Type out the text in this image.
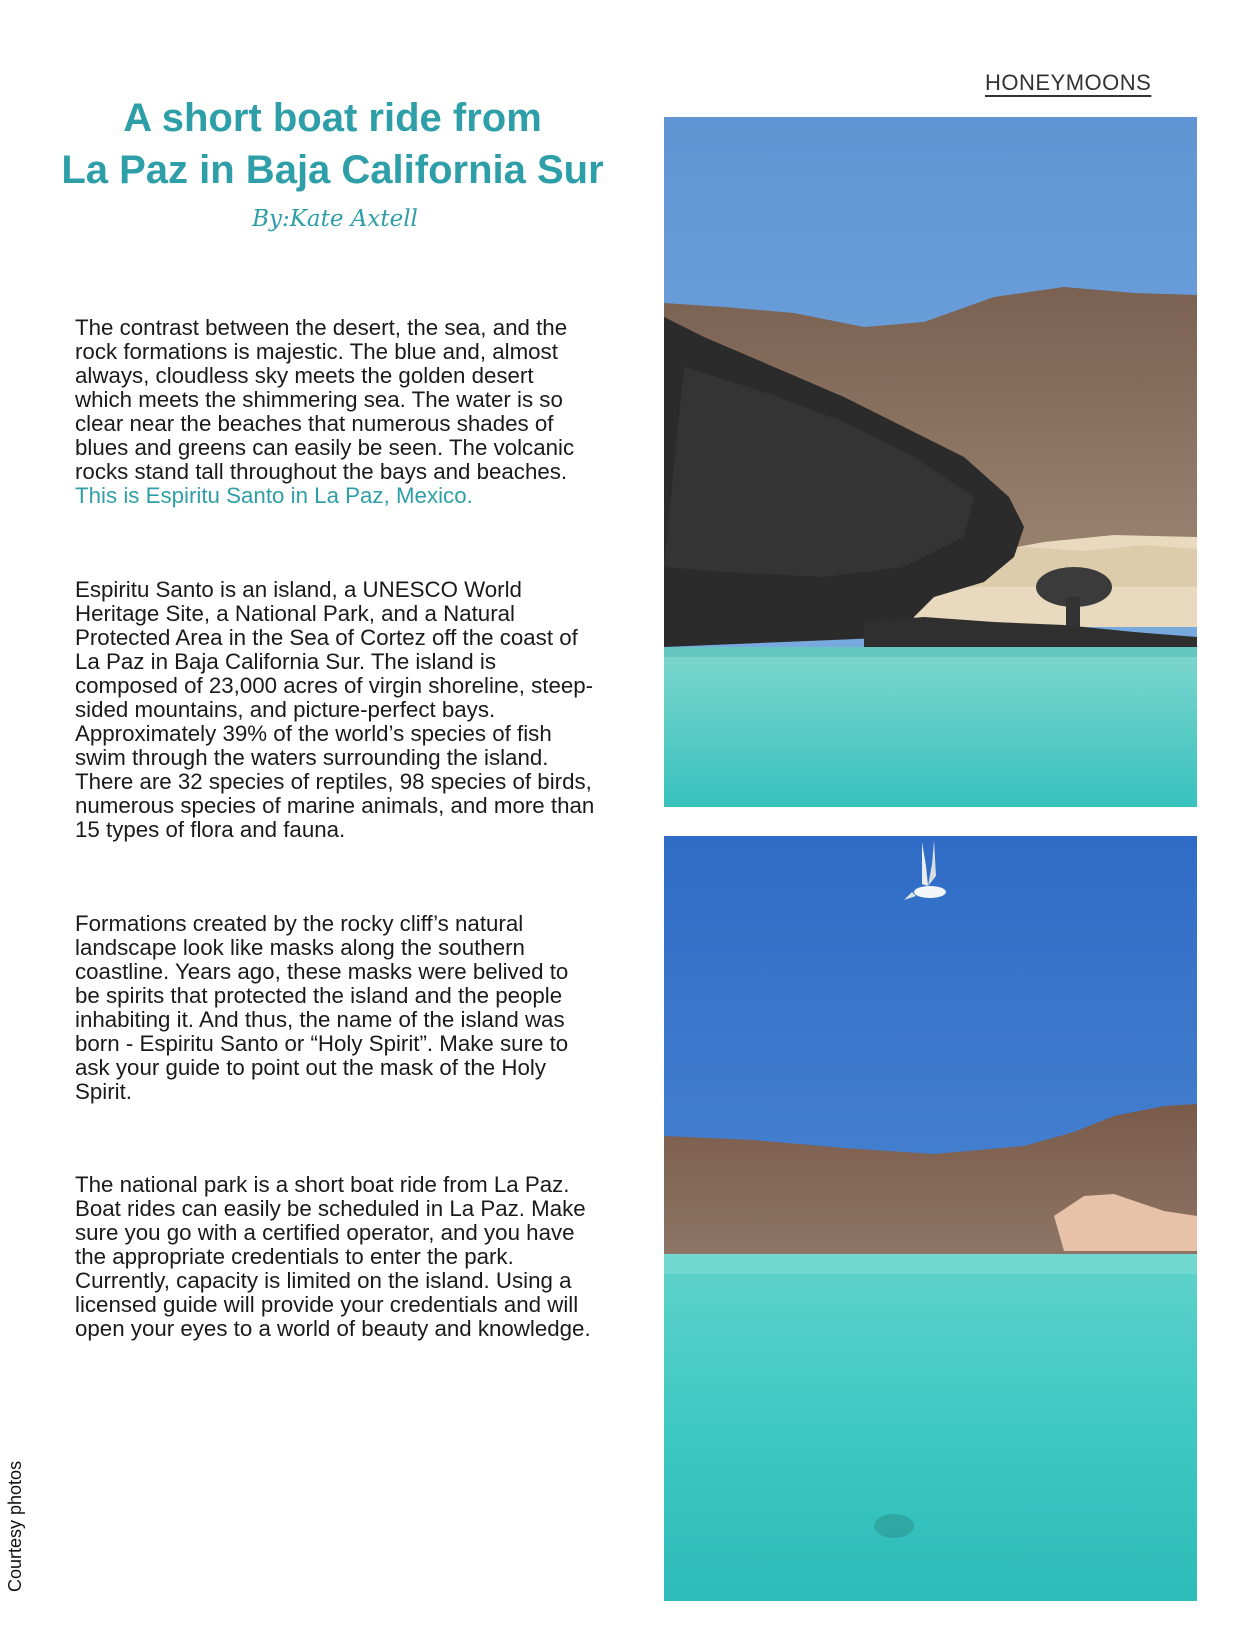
HONEYMOONS
A short boat ride from
La Paz in Baja California Sur
By:Kate Axtell

The contrast between the desert, the sea, and the rock formations is majestic. The blue and, almost always, cloudless sky meets the golden desert which meets the shimmering sea. The water is so clear near the beaches that numerous shades of blues and greens can easily be seen. The volcanic rocks stand tall throughout the bays and beaches. This is Espiritu Santo in La Paz, Mexico.

Espiritu Santo is an island, a UNESCO World Heritage Site, a National Park, and a Natural Protected Area in the Sea of Cortez off the coast of La Paz in Baja California Sur. The island is composed of 23,000 acres of virgin shoreline, steep-sided mountains, and picture-perfect bays. Approximately 39% of the world’s species of fish swim through the waters surrounding the island. There are 32 species of reptiles, 98 species of birds, numerous species of marine animals, and more than 15 types of flora and fauna.

Formations created by the rocky cliff’s natural landscape look like masks along the southern coastline. Years ago, these masks were belived to be spirits that protected the island and the people inhabiting it. And thus, the name of the island was born - Espiritu Santo or “Holy Spirit”. Make sure to ask your guide to point out the mask of the Holy Spirit.

The national park is a short boat ride from La Paz. Boat rides can easily be scheduled in La Paz. Make sure you go with a certified operator, and you have the appropriate credentials to enter the park. Currently, capacity is limited on the island. Using a licensed guide will provide your credentials and will open your eyes to a world of beauty and knowledge.

Courtesy photos
